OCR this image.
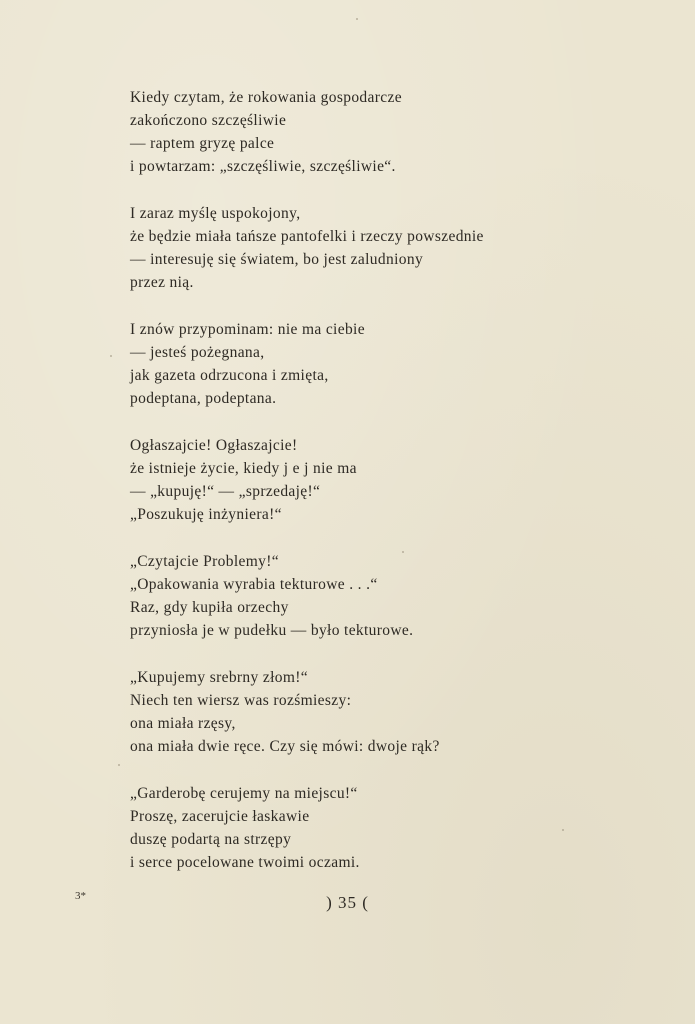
Kiedy czytam, że rokowania gospodarcze
zakończono szczęśliwie
— raptem gryzę palce
i powtarzam: „szczęśliwie, szczęśliwie“.
I zaraz myślę uspokojony,
że będzie miała tańsze pantofelki i rzeczy powszednie
— interesuję się światem, bo jest zaludniony
przez nią.
I znów przypominam: nie ma ciebie
— jesteś pożegnana,
jak gazeta odrzucona i zmięta,
podeptana, podeptana.
Ogłaszajcie! Ogłaszajcie!
że istnieje życie, kiedy j e j nie ma
— „kupuję!“ — „sprzedaję!“
„Poszukuję inżyniera!“
„Czytajcie Problemy!“
„Opakowania wyrabia tekturowe . . .“
Raz, gdy kupiła orzechy
przyniosła je w pudełku — było tekturowe.
„Kupujemy srebrny złom!“
Niech ten wiersz was rozśmieszy:
ona miała rzęsy,
ona miała dwie ręce. Czy się mówi: dwoje rąk?
„Garderobę cerujemy na miejscu!“
Proszę, zacerujcie łaskawie
duszę podartą na strzępy
i serce pocelowane twoimi oczami.
3*	) 35 (
